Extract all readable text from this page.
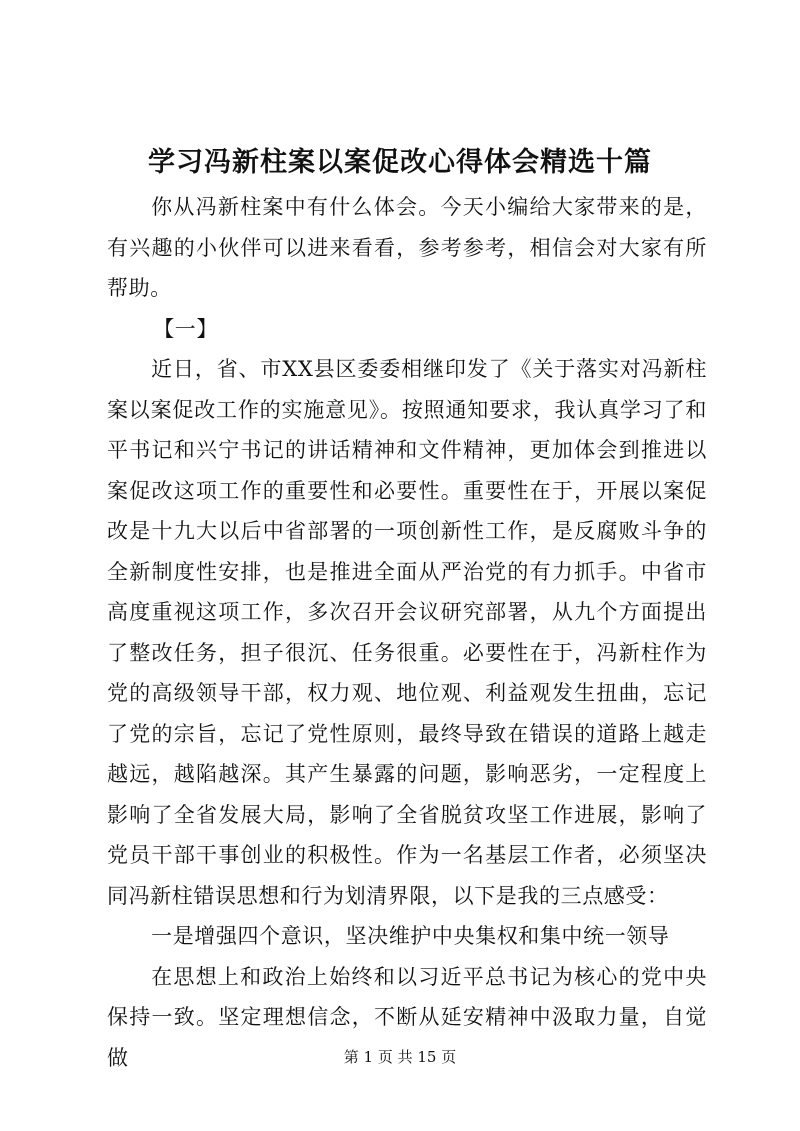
学习冯新柱案以案促改心得体会精选十篇

你从冯新柱案中有什么体会。今天小编给大家带来的是，有兴趣的小伙伴可以进来看看，参考参考，相信会对大家有所帮助。

【一】

近日，省、市XX县区委委相继印发了《关于落实对冯新柱案以案促改工作的实施意见》。按照通知要求，我认真学习了和平书记和兴宁书记的讲话精神和文件精神，更加体会到推进以案促改这项工作的重要性和必要性。重要性在于，开展以案促改是十九大以后中省部署的一项创新性工作，是反腐败斗争的全新制度性安排，也是推进全面从严治党的有力抓手。中省市高度重视这项工作，多次召开会议研究部署，从九个方面提出了整改任务，担子很沉、任务很重。必要性在于，冯新柱作为党的高级领导干部，权力观、地位观、利益观发生扭曲，忘记了党的宗旨，忘记了党性原则，最终导致在错误的道路上越走越远，越陷越深。其产生暴露的问题，影响恶劣，一定程度上影响了全省发展大局，影响了全省脱贫攻坚工作进展，影响了党员干部干事创业的积极性。作为一名基层工作者，必须坚决同冯新柱错误思想和行为划清界限，以下是我的三点感受：

一是增强四个意识，坚决维护中央集权和集中统一领导

在思想上和政治上始终和以习近平总书记为核心的党中央保持一致。坚定理想信念，不断从延安精神中汲取力量，自觉做	第 1 页 共 15 页
